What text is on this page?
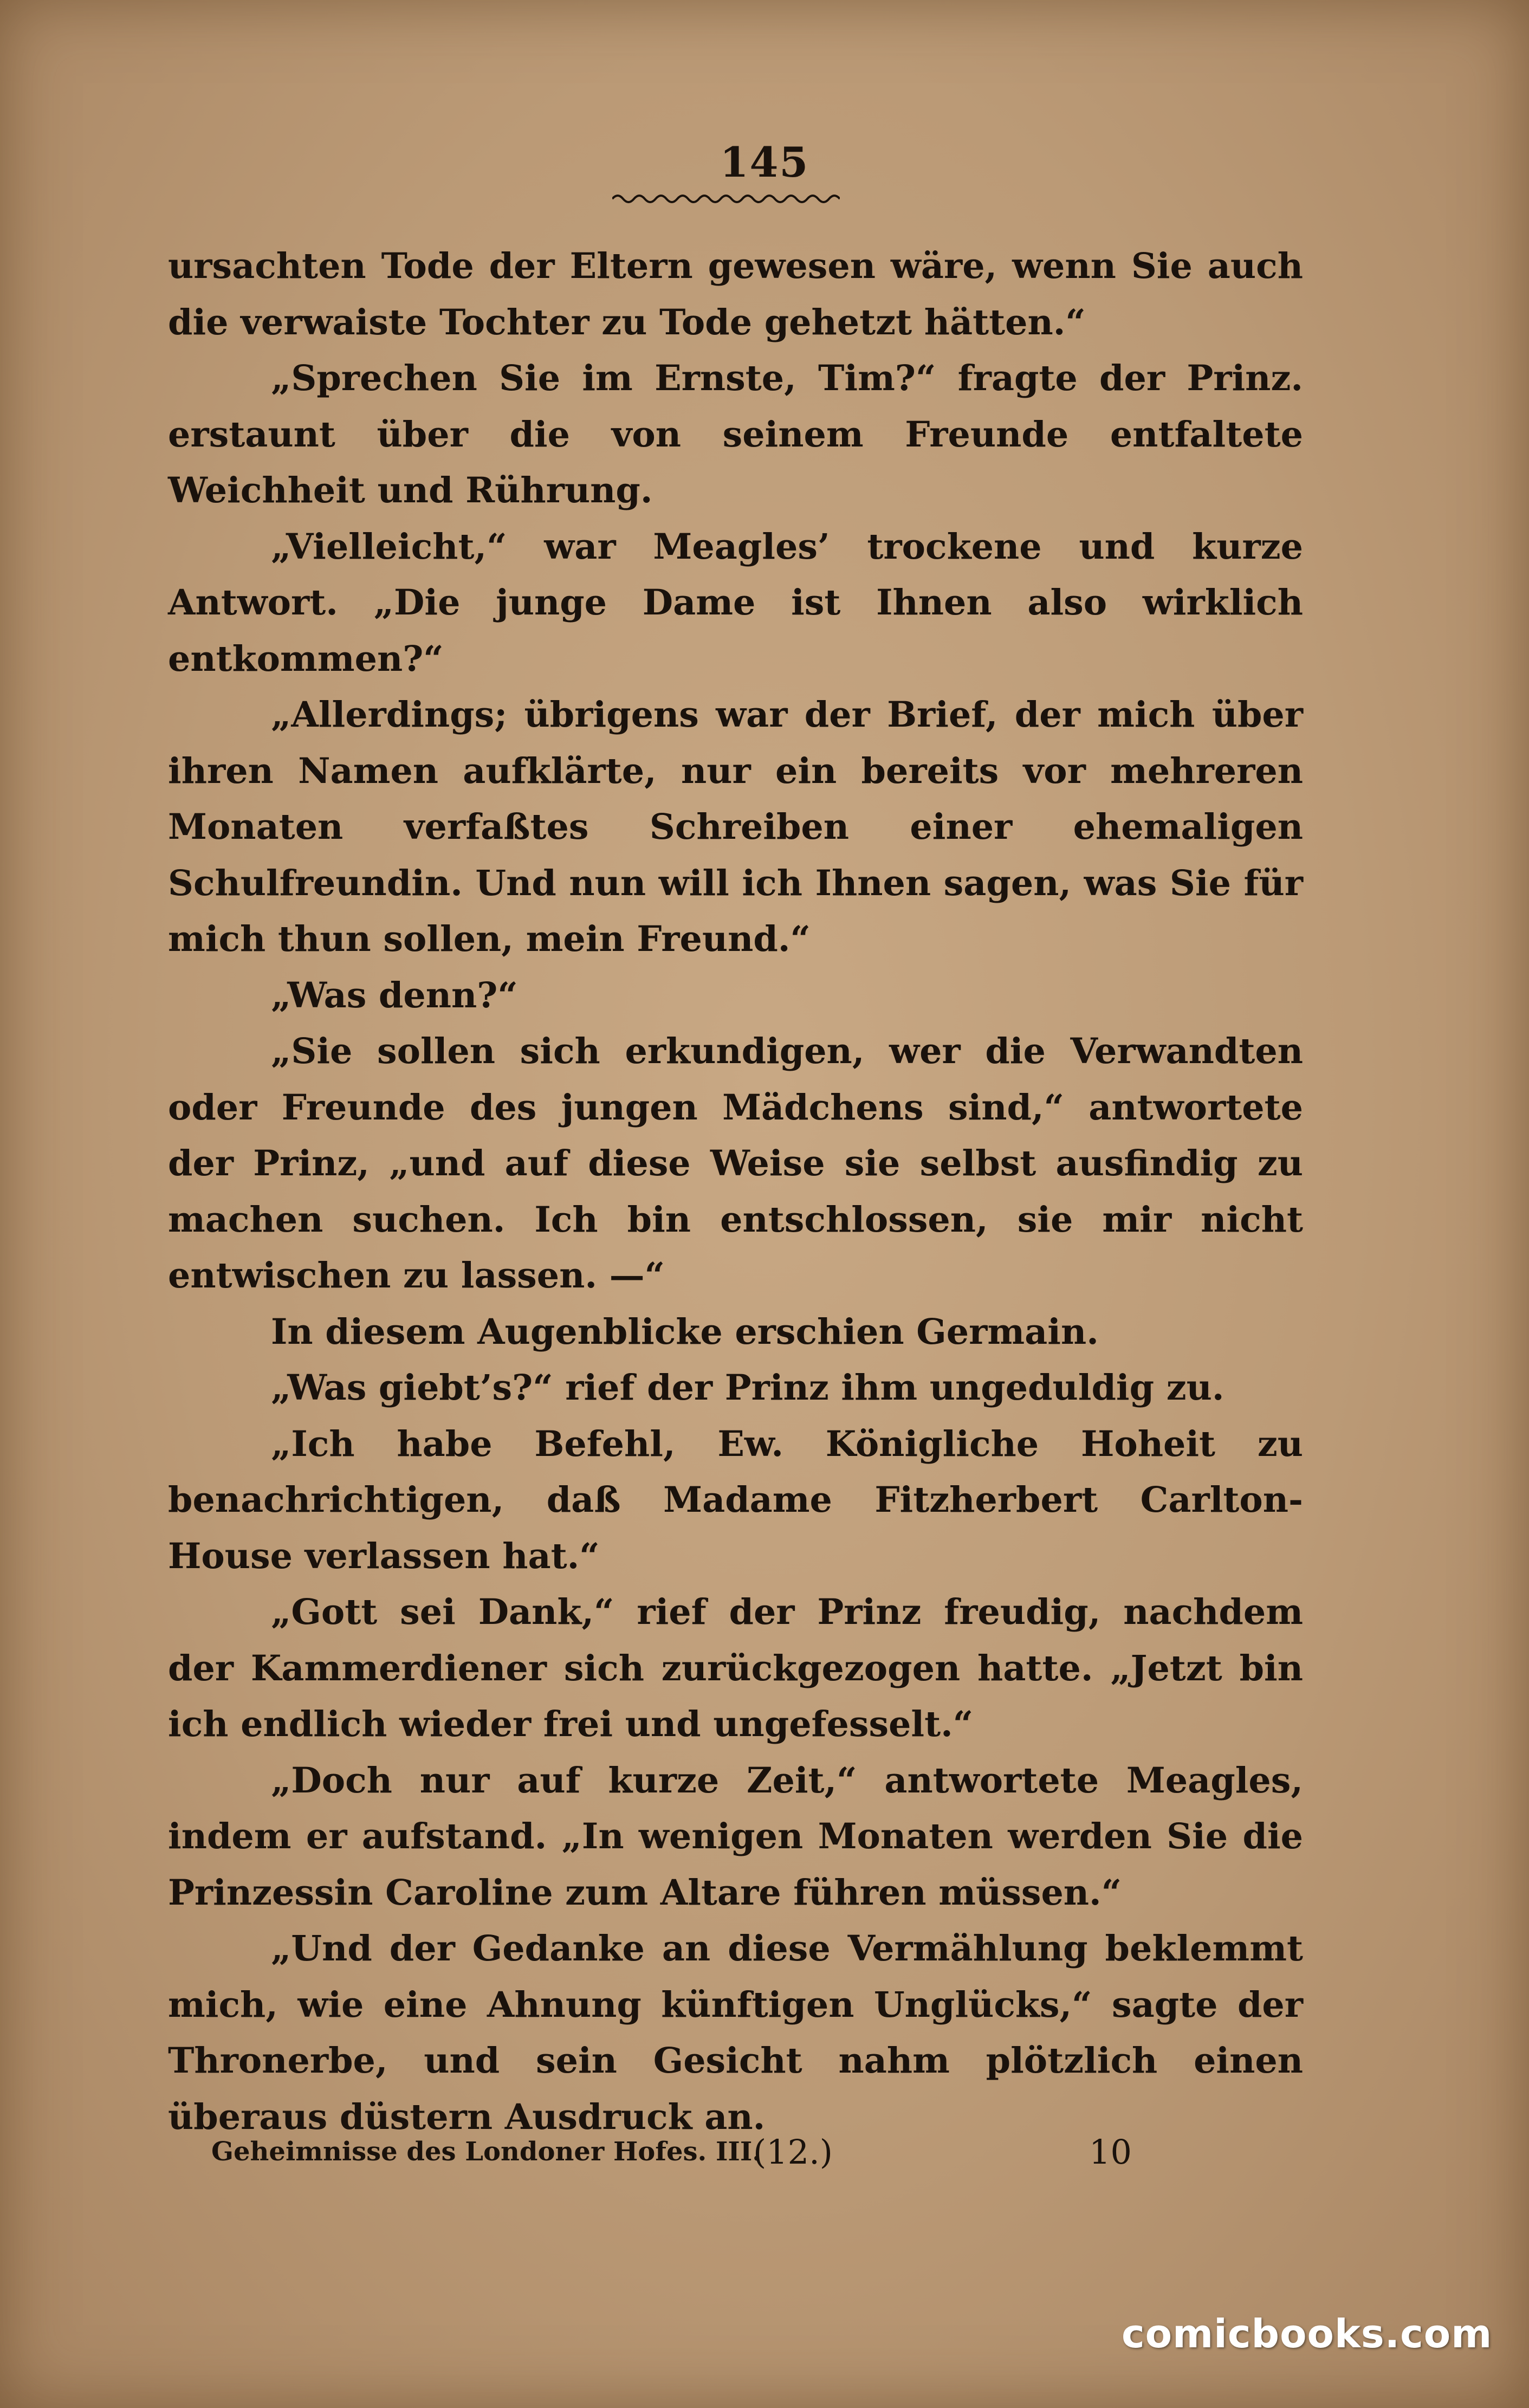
145

ursachten Tode der Eltern gewesen wäre, wenn Sie auch die verwaiste Tochter zu Tode gehetzt hätten.“

„Sprechen Sie im Ernste, Tim?“ fragte der Prinz. erstaunt über die von seinem Freunde entfaltete Weichheit und Rührung.

„Vielleicht,“ war Meagles’ trockene und kurze Antwort. „Die junge Dame ist Ihnen also wirklich entkommen?“

„Allerdings; übrigens war der Brief, der mich über ihren Namen aufklärte, nur ein bereits vor mehreren Monaten verfaßtes Schreiben einer ehemaligen Schulfreundin. Und nun will ich Ihnen sagen, was Sie für mich thun sollen, mein Freund.“

„Was denn?“

„Sie sollen sich erkundigen, wer die Verwandten oder Freunde des jungen Mädchens sind,“ antwortete der Prinz, „und auf diese Weise sie selbst ausfindig zu machen suchen. Ich bin entschlossen, sie mir nicht entwischen zu lassen. —“

In diesem Augenblicke erschien Germain.

„Was giebt’s?“ rief der Prinz ihm ungeduldig zu.

„Ich habe Befehl, Ew. Königliche Hoheit zu benachrichtigen, daß Madame Fitzherbert Carlton-House verlassen hat.“

„Gott sei Dank,“ rief der Prinz freudig, nachdem der Kammerdiener sich zurückgezogen hatte. „Jetzt bin ich endlich wieder frei und ungefesselt.“

„Doch nur auf kurze Zeit,“ antwortete Meagles, indem er aufstand. „In wenigen Monaten werden Sie die Prinzessin Caroline zum Altare führen müssen.“

„Und der Gedanke an diese Vermählung beklemmt mich, wie eine Ahnung künftigen Unglücks,“ sagte der Thronerbe, und sein Gesicht nahm plötzlich einen überaus düstern Ausdruck an.

Geheimnisse des Londoner Hofes. III.
(12.)	10
comicbooks.com
